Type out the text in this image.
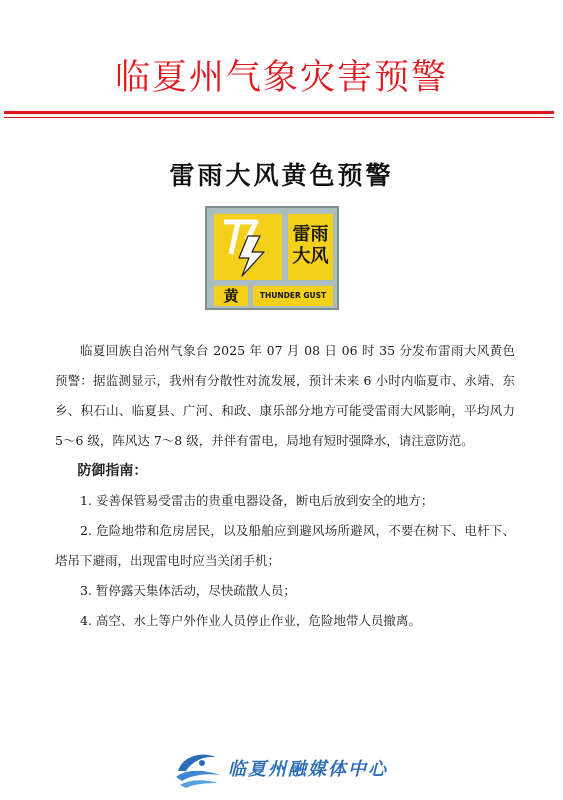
临夏州气象灾害预警
雷雨大风黄色预警
雷雨
大风
黄	THUNDER GUST

临夏回族自治州气象台 2025 年 07 月 08 日 06 时 35 分发布雷雨大风黄色预警：据监测显示，我州有分散性对流发展，预计未来 6 小时内临夏市、永靖、东乡、积石山、临夏县、广河、和政、康乐部分地方可能受雷雨大风影响，平均风力 5～6 级，阵风达 7～8 级，并伴有雷电，局地有短时强降水，请注意防范。

防御指南：

1. 妥善保管易受雷击的贵重电器设备，断电后放到安全的地方；

2. 危险地带和危房居民，以及船舶应到避风场所避风，不要在树下、电杆下、塔吊下避雨，出现雷电时应当关闭手机；

3. 暂停露天集体活动，尽快疏散人员；

4. 高空、水上等户外作业人员停止作业，危险地带人员撤离。

临夏州融媒体中心
